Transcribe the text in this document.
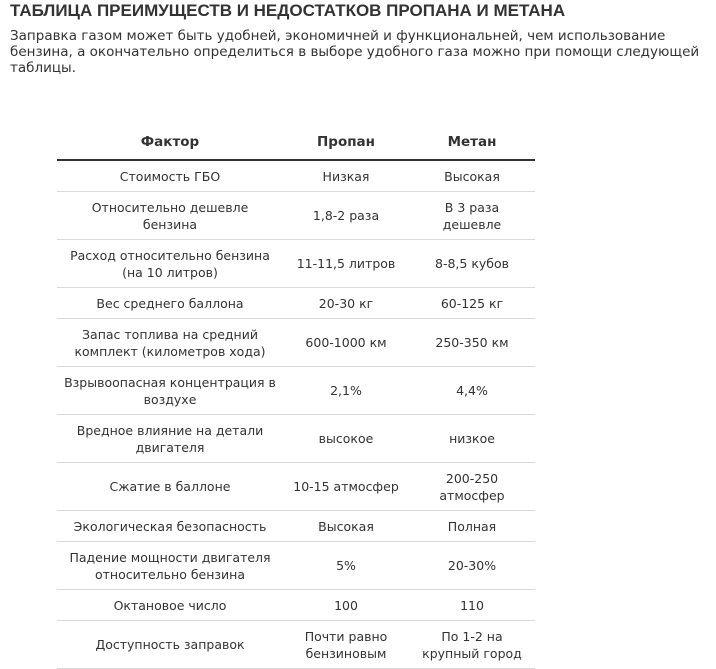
ТАБЛИЦА ПРЕИМУЩЕСТВ И НЕДОСТАТКОВ ПРОПАНА И МЕТАНА

Заправка газом может быть удобней, экономичней и функциональней, чем использование бензина, а окончательно определиться в выборе удобного газа можно при помощи следующей таблицы.

Фактор	Пропан	Метан
Стоимость ГБО	Низкая	Высокая
Относительно дешевле бензина	1,8-2 раза	В 3 раза дешевле
Расход относительно бензина (на 10 литров)	11-11,5 литров	8-8,5 кубов
Вес среднего баллона	20-30 кг	60-125 кг
Запас топлива на средний комплект (километров хода)	600-1000 км	250-350 км
Взрывоопасная концентрация в воздухе	2,1%	4,4%
Вредное влияние на детали двигателя	высокое	низкое
Сжатие в баллоне	10-15 атмосфер	200-250 атмосфер
Экологическая безопасность	Высокая	Полная
Падение мощности двигателя относительно бензина	5%	20-30%
Октановое число	100	110
Доступность заправок	Почти равно бензиновым	По 1-2 на крупный город
